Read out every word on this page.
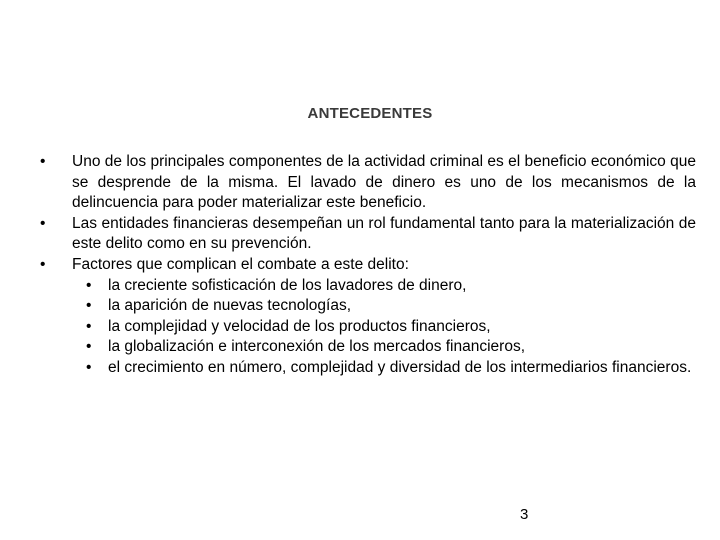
ANTECEDENTES
•	Uno de los principales componentes de la actividad criminal es el beneficio económico que se desprende de la misma. El lavado de dinero es uno de los mecanismos de la delincuencia para poder materializar este beneficio.
•	Las entidades financieras desempeñan un rol fundamental tanto para la materialización de este delito como en su prevención.
•	Factores que complican el combate a este delito:
•	la creciente sofisticación de los lavadores de dinero,
•	la aparición de nuevas tecnologías,
•	la complejidad y velocidad de los productos financieros,
•	la globalización e interconexión de los mercados financieros,
•	el crecimiento en número, complejidad y diversidad de los intermediarios financieros.
3
